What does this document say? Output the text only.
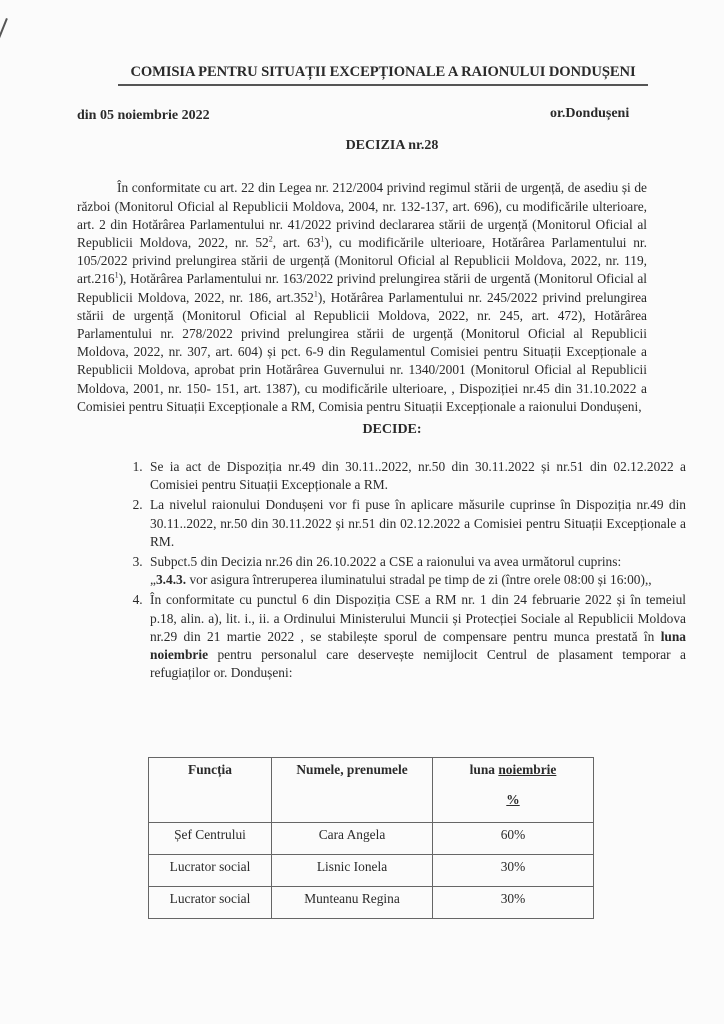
COMISIA PENTRU SITUAȚII EXCEPȚIONALE A RAIONULUI DONDUȘENI
din 05 noiembrie 2022	or.Dondușeni
DECIZIA nr.28

În conformitate cu art. 22 din Legea nr. 212/2004 privind regimul stării de urgență, de asediu și de război (Monitorul Oficial al Republicii Moldova, 2004, nr. 132-137, art. 696), cu modificările ulterioare, art. 2 din Hotărârea Parlamentului nr. 41/2022 privind declararea stării de urgență (Monitorul Oficial al Republicii Moldova, 2022, nr. $52^2$, art. $63^1$), cu modificările ulterioare, Hotărârea Parlamentului nr. 105/2022 privind prelungirea stării de urgență (Monitorul Oficial al Republicii Moldova, 2022, nr. 119, art.216$^1$), Hotărârea Parlamentului nr. 163/2022 privind prelungirea stării de urgentă (Monitorul Oficial al Republicii Moldova, 2022, nr. 186, art.352$^1$), Hotărârea Parlamentului nr. 245/2022 privind prelungirea stării de urgență (Monitorul Oficial al Republicii Moldova, 2022, nr. 245, art. 472), Hotărârea Parlamentului nr. 278/2022 privind prelungirea stării de urgență (Monitorul Oficial al Republicii Moldova, 2022, nr. 307, art. 604) și pct. 6-9 din Regulamentul Comisiei pentru Situații Excepționale a Republicii Moldova, aprobat prin Hotărârea Guvernului nr. 1340/2001 (Monitorul Oficial al Republicii Moldova, 2001, nr. 150- 151, art. 1387), cu modificările ulterioare, , Dispoziției nr.45 din 31.10.2022 a Comisiei pentru Situații Excepționale a RM, Comisia pentru Situații Excepționale a raionului Dondușeni,

DECIDE:
1. Se ia act de Dispoziția nr.49 din 30.11..2022, nr.50 din 30.11.2022 și nr.51 din 02.12.2022 a Comisiei pentru Situații Excepționale a RM.
2. La nivelul raionului Dondușeni vor fi puse în aplicare măsurile cuprinse în Dispoziția nr.49 din 30.11..2022, nr.50 din 30.11.2022 și nr.51 din 02.12.2022 a Comisiei pentru Situații Excepționale a RM.
3. Subpct.5 din Decizia nr.26 din 26.10.2022 a CSE a raionului va avea următorul cuprins:
„3.4.3. vor asigura întreruperea iluminatului stradal pe timp de zi (între orele 08:00 și 16:00),,
4. În conformitate cu punctul 6 din Dispoziția CSE a RM nr. 1 din 24 februarie 2022 și în temeiul p.18, alin. a), lit. i., ii. a Ordinului Ministerului Muncii și Protecției Sociale al Republicii Moldova nr.29 din 21 martie 2022 , se stabilește sporul de compensare pentru munca prestată în luna noiembrie pentru personalul care deservește nemijlocit Centrul de plasament temporar a refugiaților or. Dondușeni:
Funcția	Numele, prenumele	luna noiembrie
%

Șef Centrului	Cara Angela	60%
Lucrator social	Lisnic Ionela	30%
Lucrator social	Munteanu Regina	30%
